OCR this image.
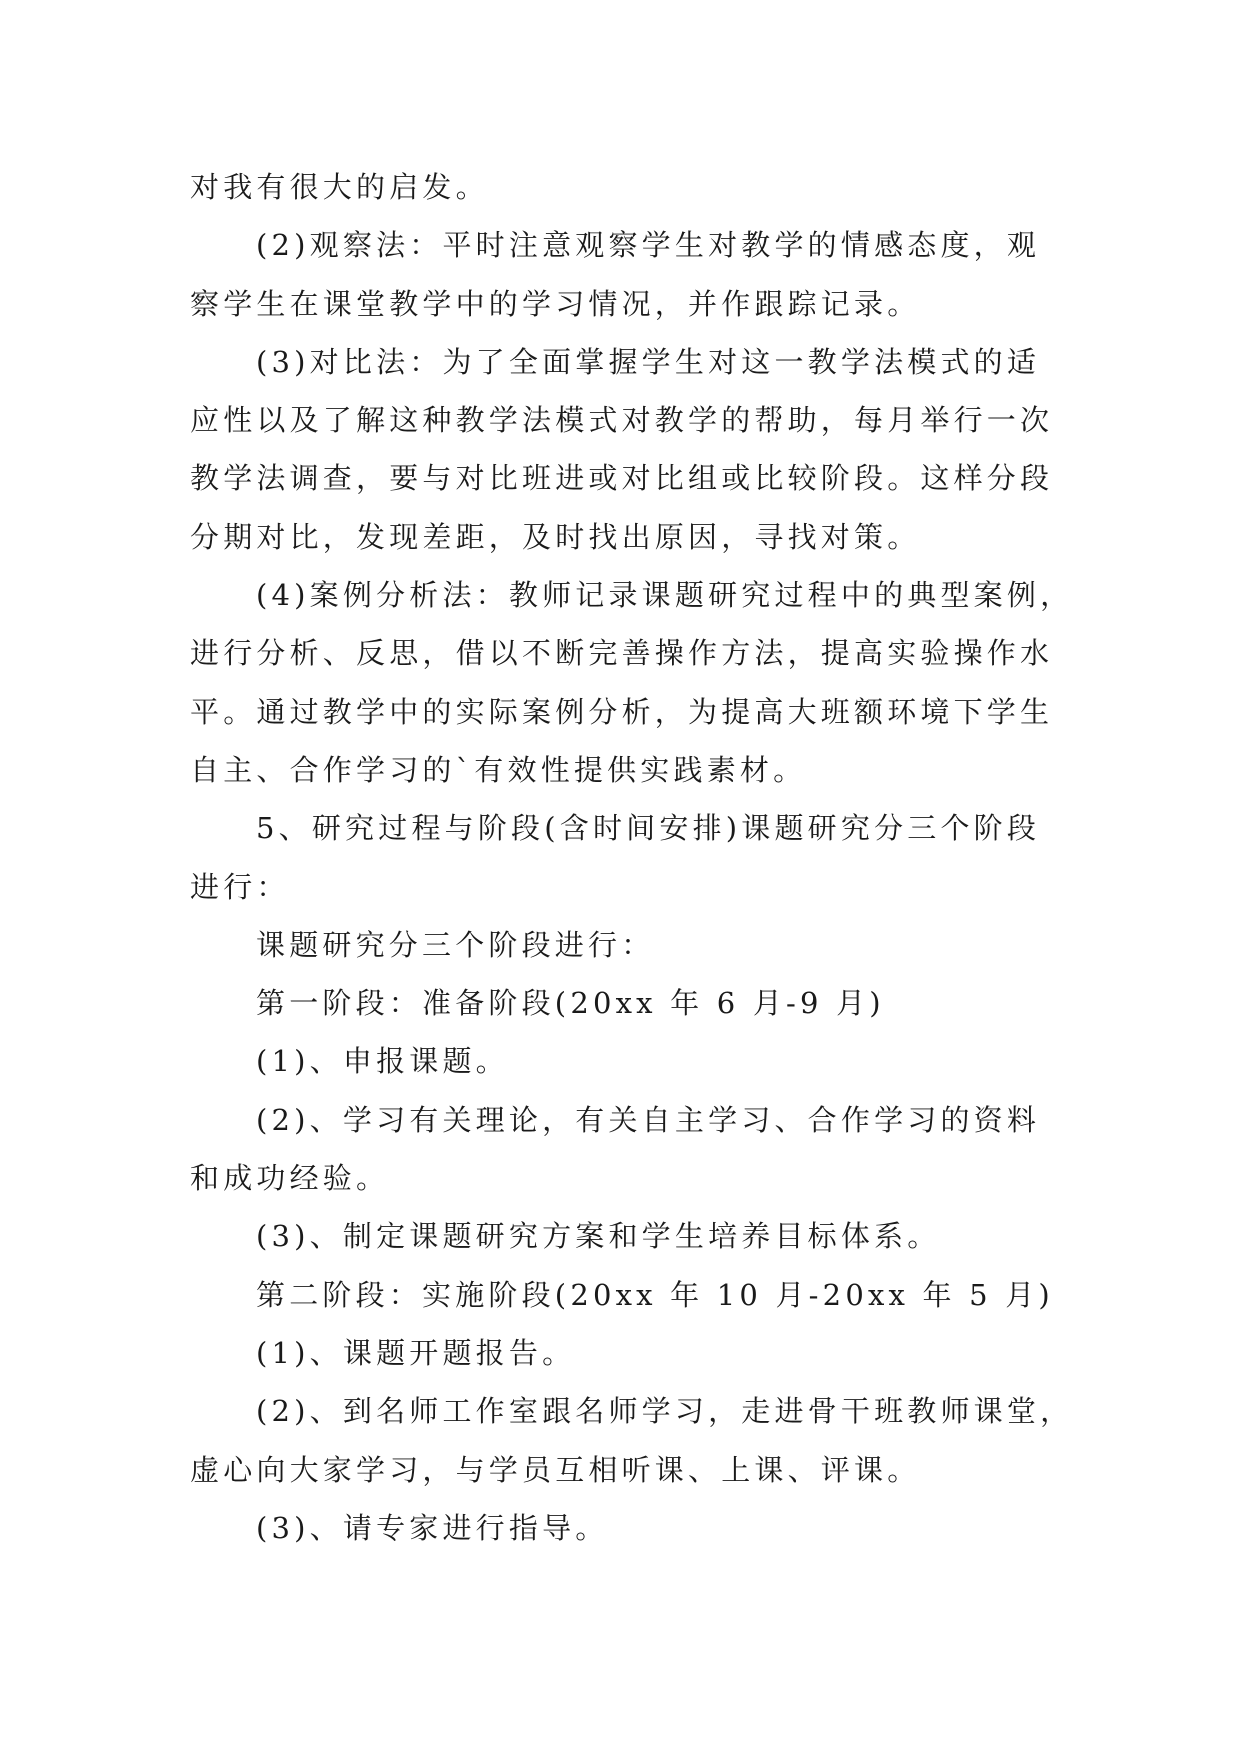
对我有很大的启发。
(2)观察法：平时注意观察学生对教学的情感态度，观
察学生在课堂教学中的学习情况，并作跟踪记录。
(3)对比法：为了全面掌握学生对这一教学法模式的适
应性以及了解这种教学法模式对教学的帮助，每月举行一次
教学法调查，要与对比班进或对比组或比较阶段。这样分段
分期对比，发现差距，及时找出原因，寻找对策。
(4)案例分析法：教师记录课题研究过程中的典型案例，
进行分析、反思，借以不断完善操作方法，提高实验操作水
平。通过教学中的实际案例分析，为提高大班额环境下学生
自主、合作学习的`有效性提供实践素材。
5、研究过程与阶段(含时间安排)课题研究分三个阶段
进行：
课题研究分三个阶段进行：
第一阶段：准备阶段(20xx 年 6 月-9 月)
(1)、申报课题。
(2)、学习有关理论，有关自主学习、合作学习的资料
和成功经验。
(3)、制定课题研究方案和学生培养目标体系。
第二阶段：实施阶段(20xx 年 10 月-20xx 年 5 月)
(1)、课题开题报告。
(2)、到名师工作室跟名师学习，走进骨干班教师课堂，
虚心向大家学习，与学员互相听课、上课、评课。
(3)、请专家进行指导。
